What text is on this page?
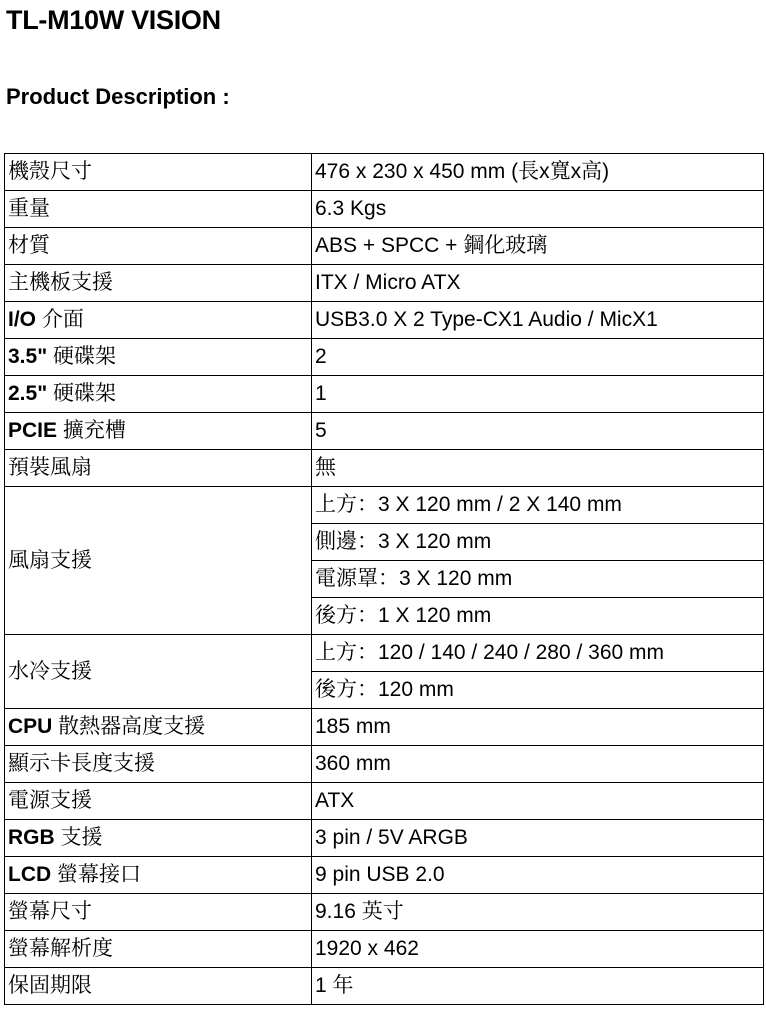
TL-M10W VISION
Product Description :
機殼尺寸	476 x 230 x 450 mm (長x寬x高)
重量	6.3 Kgs
材質	ABS + SPCC + 鋼化玻璃
主機板支援	ITX / Micro ATX
I/O 介面	USB3.0 X 2 Type-CX1 Audio / MicX1
3.5" 硬碟架	2
2.5" 硬碟架	1
PCIE 擴充槽	5
預裝風扇	無
風扇支援	上方：3 X 120 mm / 2 X 140 mm
	側邊：3 X 120 mm
	電源罩：3 X 120 mm
	後方：1 X 120 mm
水冷支援	上方：120 / 140 / 240 / 280 / 360 mm
	後方：120 mm
CPU 散熱器高度支援	185 mm
顯示卡長度支援	360 mm
電源支援	ATX
RGB 支援	3 pin / 5V ARGB
LCD 螢幕接口	9 pin USB 2.0
螢幕尺寸	9.16 英寸
螢幕解析度	1920 x 462
保固期限	1 年
